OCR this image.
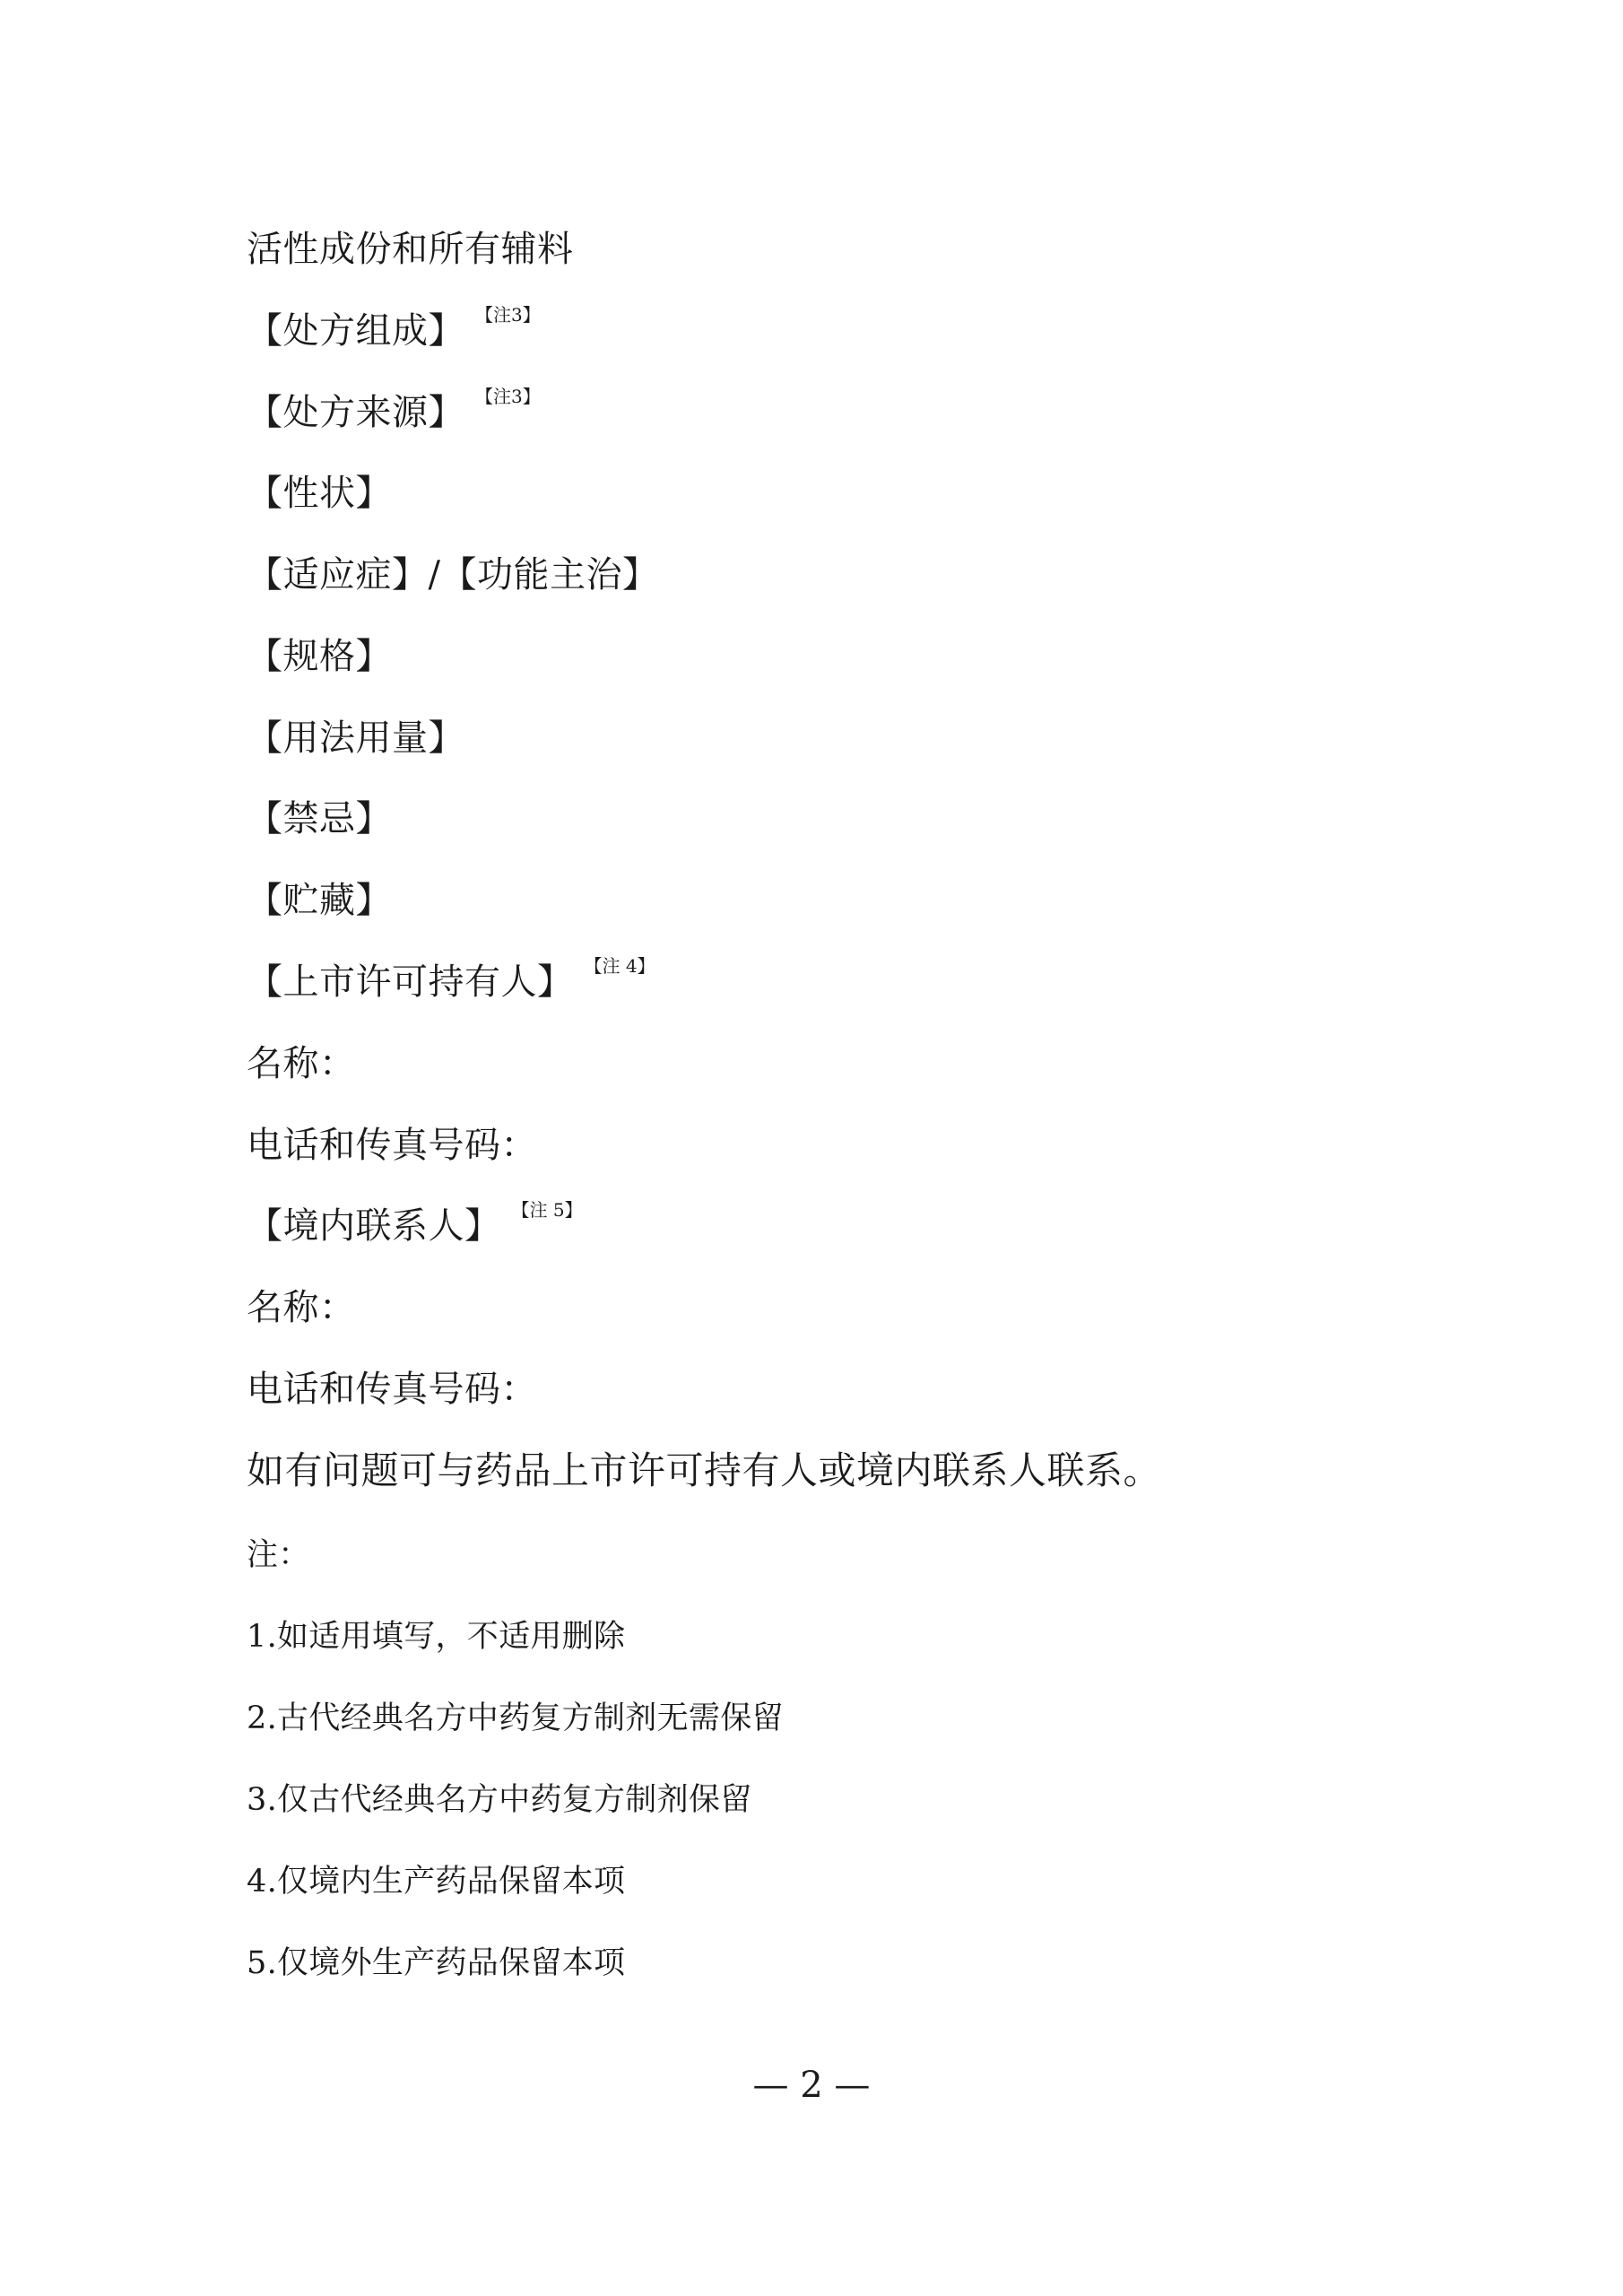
活性成份和所有辅料
【处方组成】 【注3】
【处方来源】 【注3】
【性状】
【适应症】/【功能主治】
【规格】
【用法用量】
【禁忌】
【贮藏】
【上市许可持有人】 【注 4】
名称：
电话和传真号码：
【境内联系人】 【注 5】
名称：
电话和传真号码：
如有问题可与药品上市许可持有人或境内联系人联系。
注：
1.如适用填写，不适用删除
2.古代经典名方中药复方制剂无需保留
3.仅古代经典名方中药复方制剂保留
4.仅境内生产药品保留本项
5.仅境外生产药品保留本项
— 2 —
